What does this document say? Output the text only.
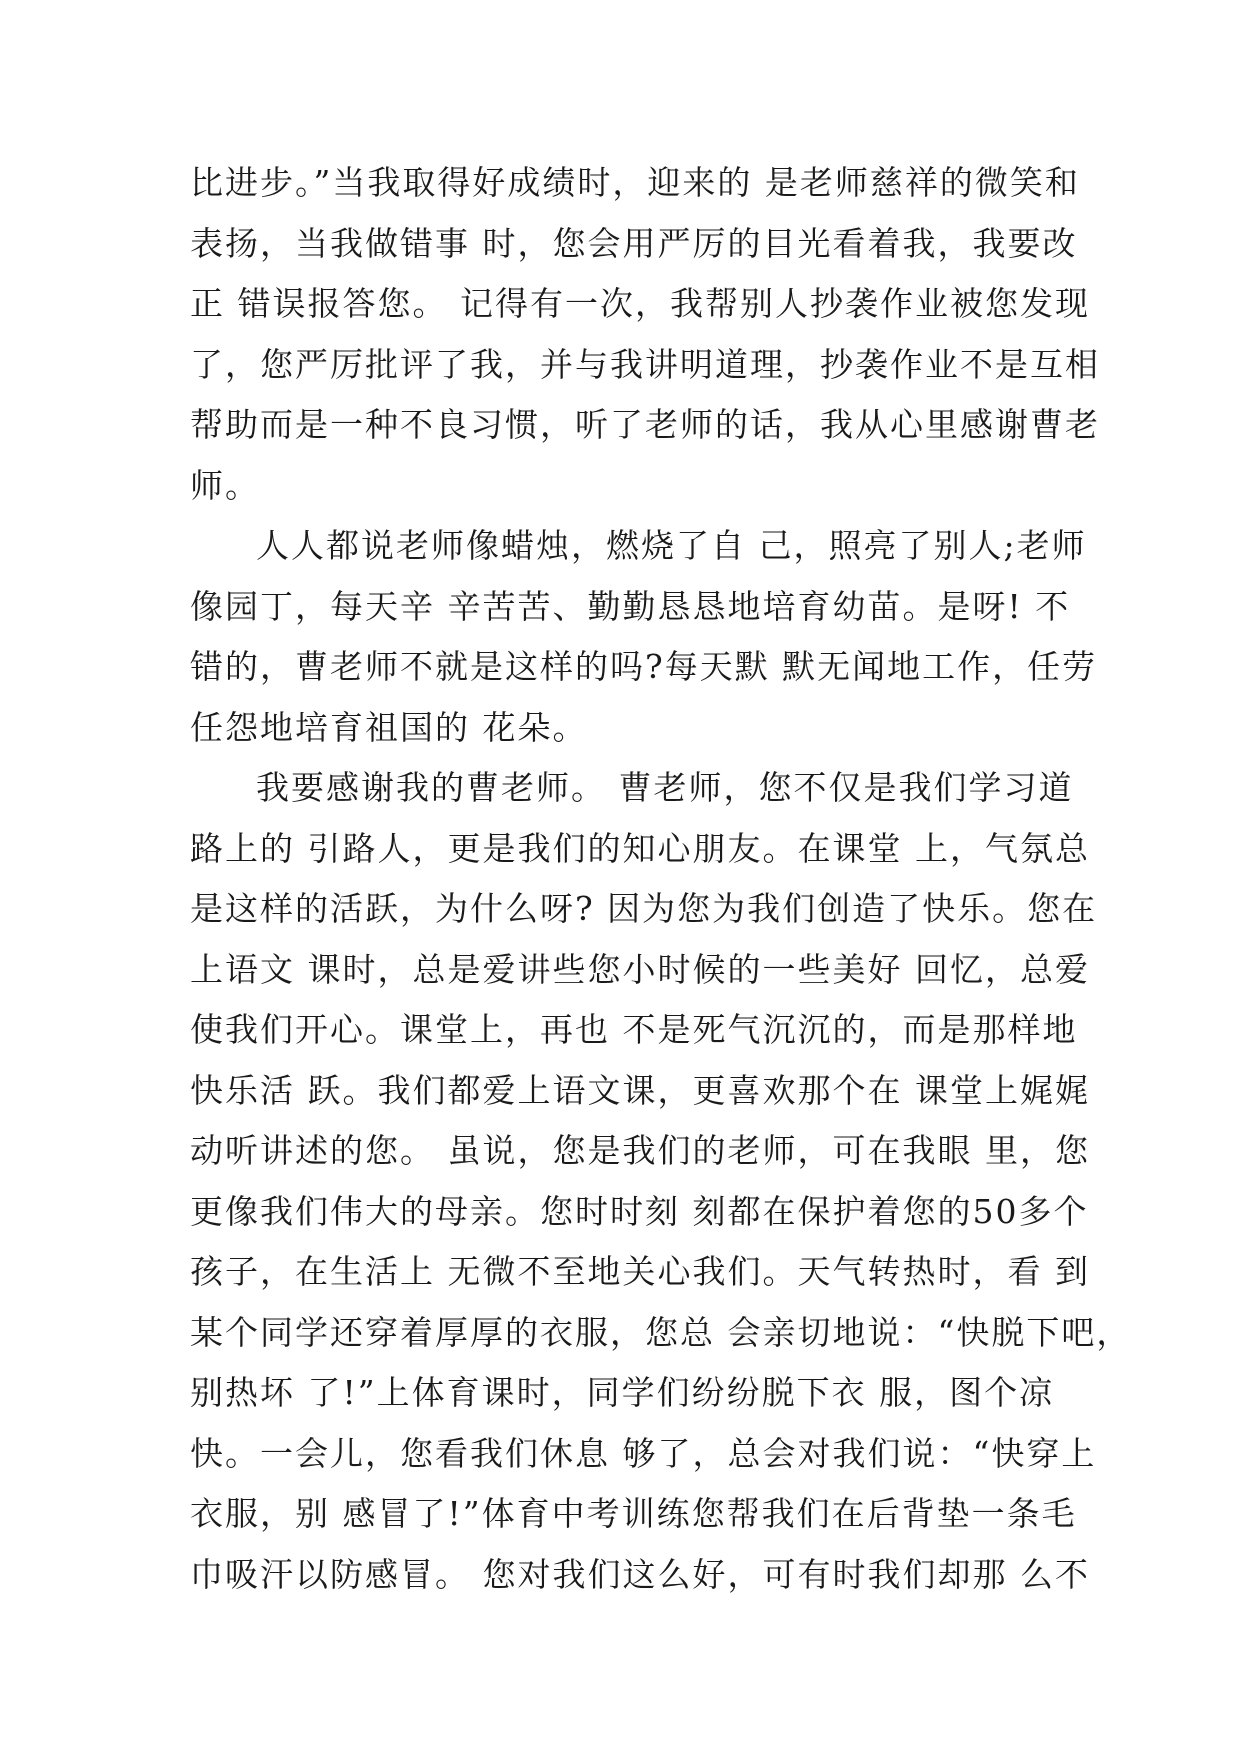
比进步。”当我取得好成绩时，迎来的 是老师慈祥的微笑和
表扬，当我做错事 时，您会用严厉的目光看着我，我要改
正 错误报答您。 记得有一次，我帮别人抄袭作业被您发现
了，您严厉批评了我，并与我讲明道理，抄袭作业不是互相
帮助而是一种不良习惯，听了老师的话，我从心里感谢曹老
师。
人人都说老师像蜡烛，燃烧了自 己，照亮了别人;老师
像园丁，每天辛 辛苦苦、勤勤恳恳地培育幼苗。是呀! 不
错的，曹老师不就是这样的吗?每天默 默无闻地工作，任劳
任怨地培育祖国的 花朵。
我要感谢我的曹老师。 曹老师，您不仅是我们学习道
路上的 引路人，更是我们的知心朋友。在课堂 上，气氛总
是这样的活跃，为什么呀? 因为您为我们创造了快乐。您在
上语文 课时，总是爱讲些您小时候的一些美好 回忆，总爱
使我们开心。课堂上，再也 不是死气沉沉的，而是那样地
快乐活 跃。我们都爱上语文课，更喜欢那个在 课堂上娓娓
动听讲述的您。 虽说，您是我们的老师，可在我眼 里，您
更像我们伟大的母亲。您时时刻 刻都在保护着您的50多个
孩子，在生活上 无微不至地关心我们。天气转热时，看 到
某个同学还穿着厚厚的衣服，您总 会亲切地说：“快脱下吧，
别热坏 了!”上体育课时，同学们纷纷脱下衣 服，图个凉
快。一会儿，您看我们休息 够了，总会对我们说：“快穿上
衣服，别 感冒了!”体育中考训练您帮我们在后背垫一条毛
巾吸汗以防感冒。 您对我们这么好，可有时我们却那 么不
